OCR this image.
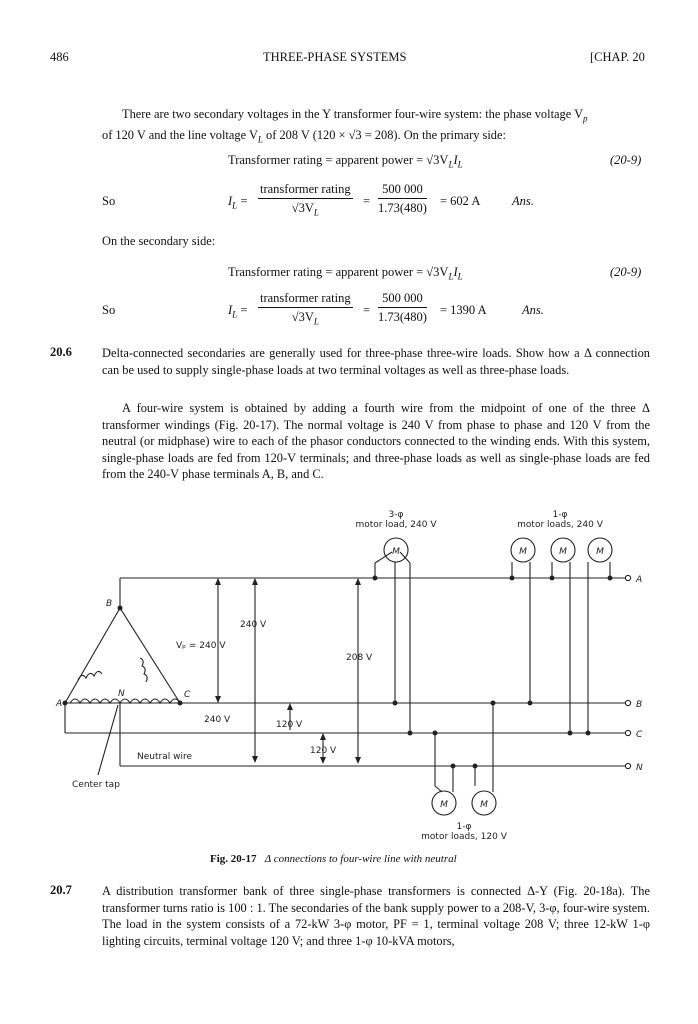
486	THREE-PHASE SYSTEMS	[CHAP. 20
There are two secondary voltages in the Y transformer four-wire system: the phase voltage $V_p$
of 120 V and the line voltage $V_L$ of 208 V (120 × √3 = 208). On the primary side:
Transformer rating = apparent power = $√3V_LI_L$	(20-9)
So	$I_L$ =
transformer rating
$√3V_L$
= $\frac{500 000}{1.73(480)} = 602$ A	Ans.
On the secondary side:
Transformer rating = apparent power = $√3V_LI_L$	(20-9)
So	$I_L$ =
transformer rating
$√3V_L$
= $\frac{500 000}{1.73(480)} = 1390$ A	Ans.
20.6 Delta-connected secondaries are generally used for three-phase three-wire loads. Show how a Δ connection can be used to supply single-phase loads at two terminal voltages as well as three-phase loads.
A four-wire system is obtained by adding a fourth wire from the midpoint of one of the three Δ transformer windings (Fig. 20-17). The normal voltage is 240 V from phase to phase and 120 V from the neutral (or midphase) wire to each of the phasor conductors connected to the winding ends. With this system, single-phase loads are fed from 120-V terminals; and three-phase loads as well as single-phase loads are fed from the 240-V phase terminals A, B, and C.
3-φ
motor load, 240 V
1-φ
motor loads, 240 V
1-φ
motor loads, 120 V
M	M	M	M
M	M
A
B
C
N
A
B
C
N
240 V
Vₚ = 240 V
208 V
240 V	120 V
120 V
Neutral wire
Center tap
Fig. 20-17 Δ connections to four-wire line with neutral
20.7 A distribution transformer bank of three single-phase transformers is connected Δ-Y (Fig. 20-18a). The transformer turns ratio is 100 : 1. The secondaries of the bank supply power to a 208-V, 3-φ, four-wire system. The load in the system consists of a 72-kW 3-φ motor, PF = 1, terminal voltage 208 V; three 12-kW 1-φ lighting circuits, terminal voltage 120 V; and three 1-φ 10-kVA motors,
